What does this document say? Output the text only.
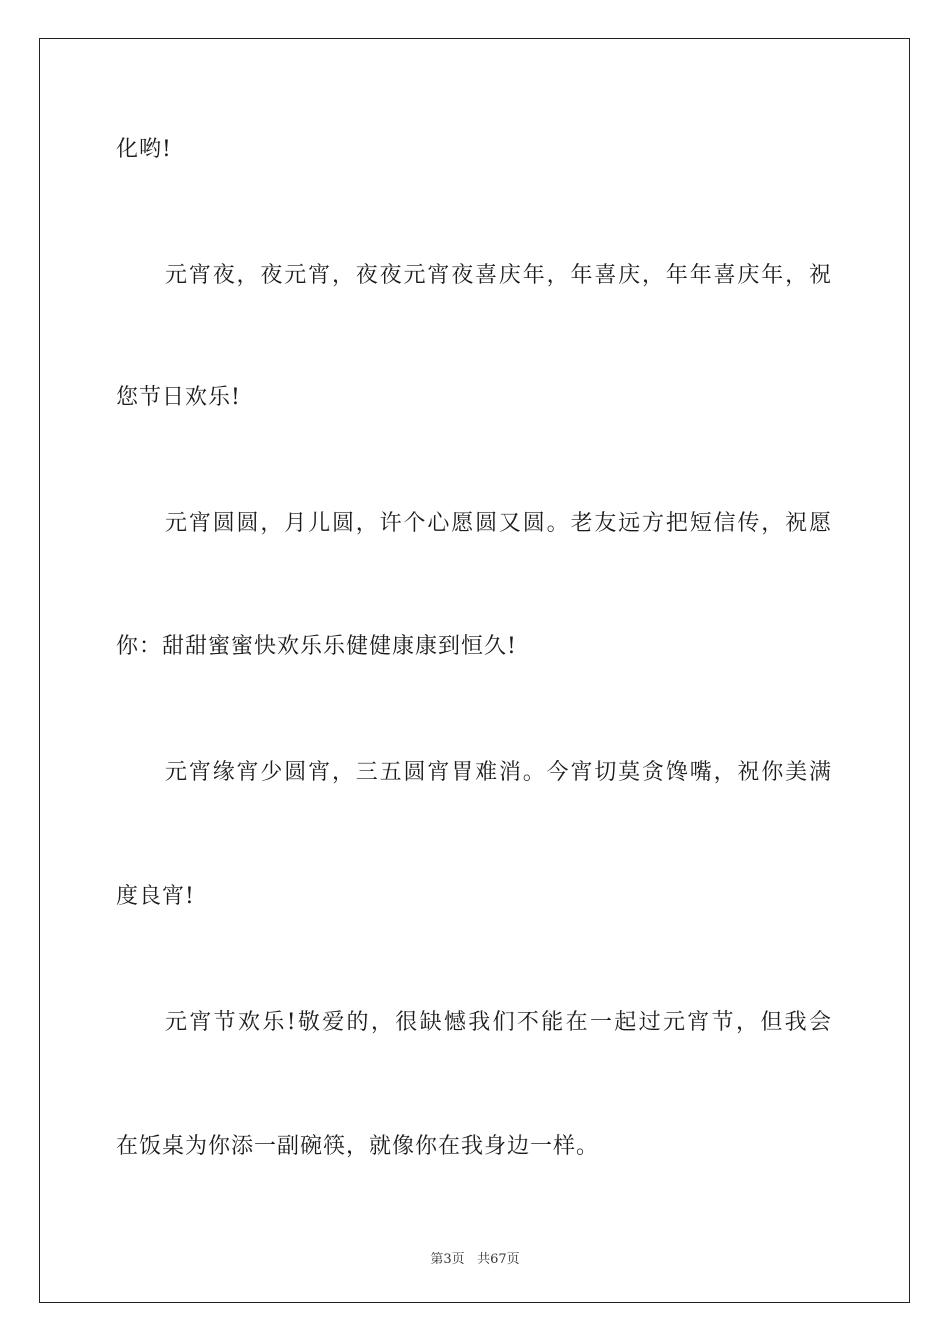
化哟!
元宵夜，夜元宵，夜夜元宵夜喜庆年，年喜庆，年年喜庆年，祝
您节日欢乐!
元宵圆圆，月儿圆，许个心愿圆又圆。老友远方把短信传，祝愿
你：甜甜蜜蜜快欢乐乐健健康康到恒久!
元宵缘宵少圆宵，三五圆宵胃难消。今宵切莫贪馋嘴，祝你美满
度良宵!
元宵节欢乐!敬爱的，很缺憾我们不能在一起过元宵节，但我会
在饭桌为你添一副碗筷，就像你在我身边一样。
第3页 共67页
